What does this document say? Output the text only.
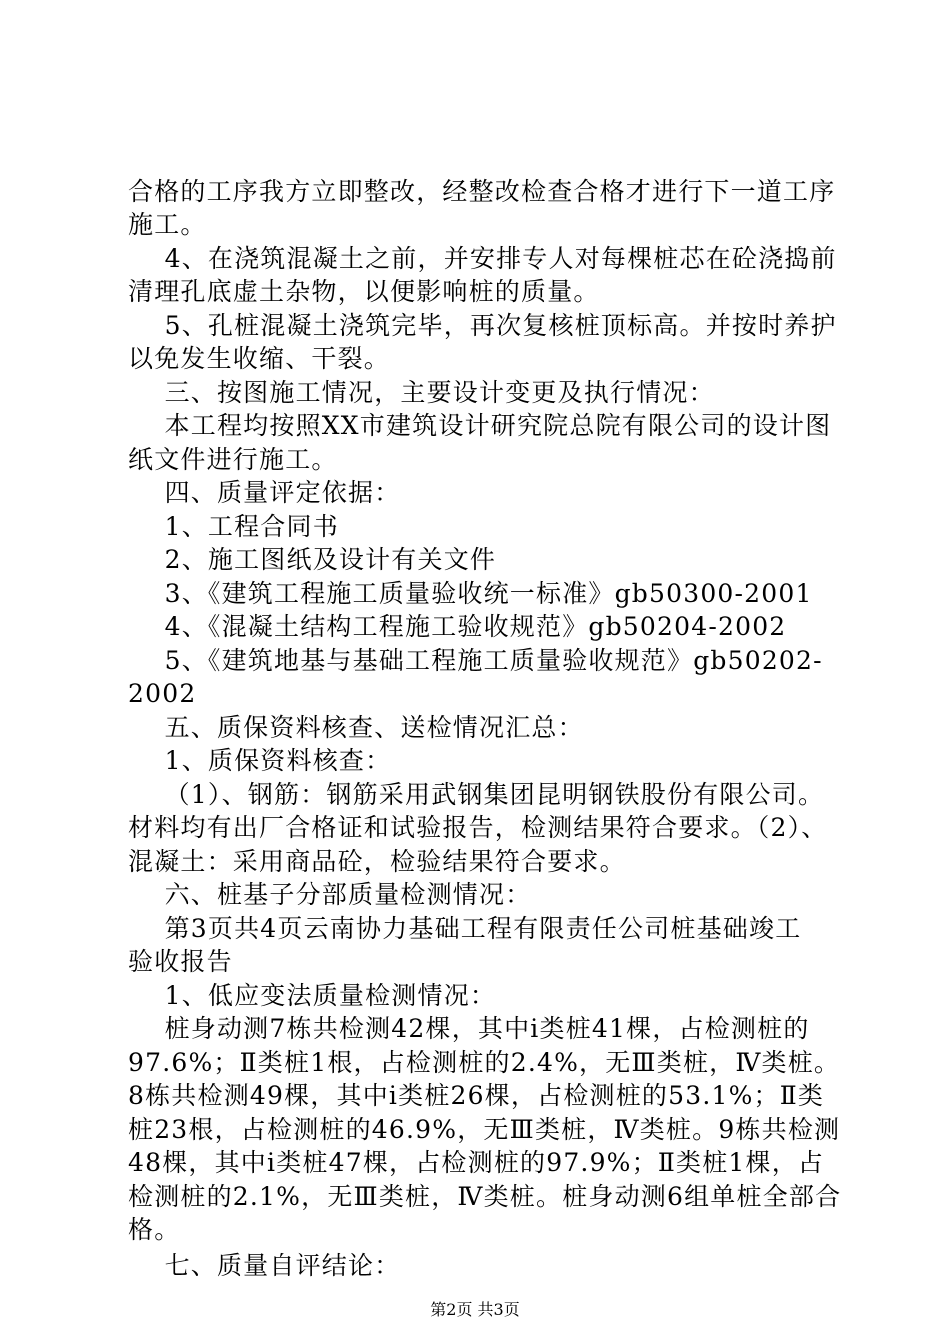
合格的工序我方立即整改，经整改检查合格才进行下一道工序
施工。
4、在浇筑混凝土之前，并安排专人对每棵桩芯在砼浇捣前
清理孔底虚土杂物，以便影响桩的质量。
5、孔桩混凝土浇筑完毕，再次复核桩顶标高。并按时养护
以免发生收缩、干裂。
三、按图施工情况，主要设计变更及执行情况：
本工程均按照XX市建筑设计研究院总院有限公司的设计图
纸文件进行施工。
四、质量评定依据：
1、工程合同书
2、施工图纸及设计有关文件
3、《建筑工程施工质量验收统一标准》gb50300-2001
4、《混凝土结构工程施工验收规范》gb50204-2002
5、《建筑地基与基础工程施工质量验收规范》gb50202-
2002
五、质保资料核查、送检情况汇总：
1、质保资料核查：
（1）、钢筋：钢筋采用武钢集团昆明钢铁股份有限公司。
材料均有出厂合格证和试验报告，检测结果符合要求。（2）、
混凝土：采用商品砼，检验结果符合要求。
六、桩基子分部质量检测情况：
第3页共4页云南协力基础工程有限责任公司桩基础竣工
验收报告
1、低应变法质量检测情况：
桩身动测7栋共检测42棵，其中i类桩41棵，占检测桩的
97.6%；Ⅱ类桩1根，占检测桩的2.4%，无Ⅲ类桩，Ⅳ类桩。
8栋共检测49棵，其中i类桩26棵，占检测桩的53.1%；Ⅱ类
桩23根，占检测桩的46.9%，无Ⅲ类桩，Ⅳ类桩。9栋共检测
48棵，其中i类桩47棵，占检测桩的97.9%；Ⅱ类桩1棵，占
检测桩的2.1%，无Ⅲ类桩，Ⅳ类桩。桩身动测6组单桩全部合
格。
七、质量自评结论：
第2页 共3页
